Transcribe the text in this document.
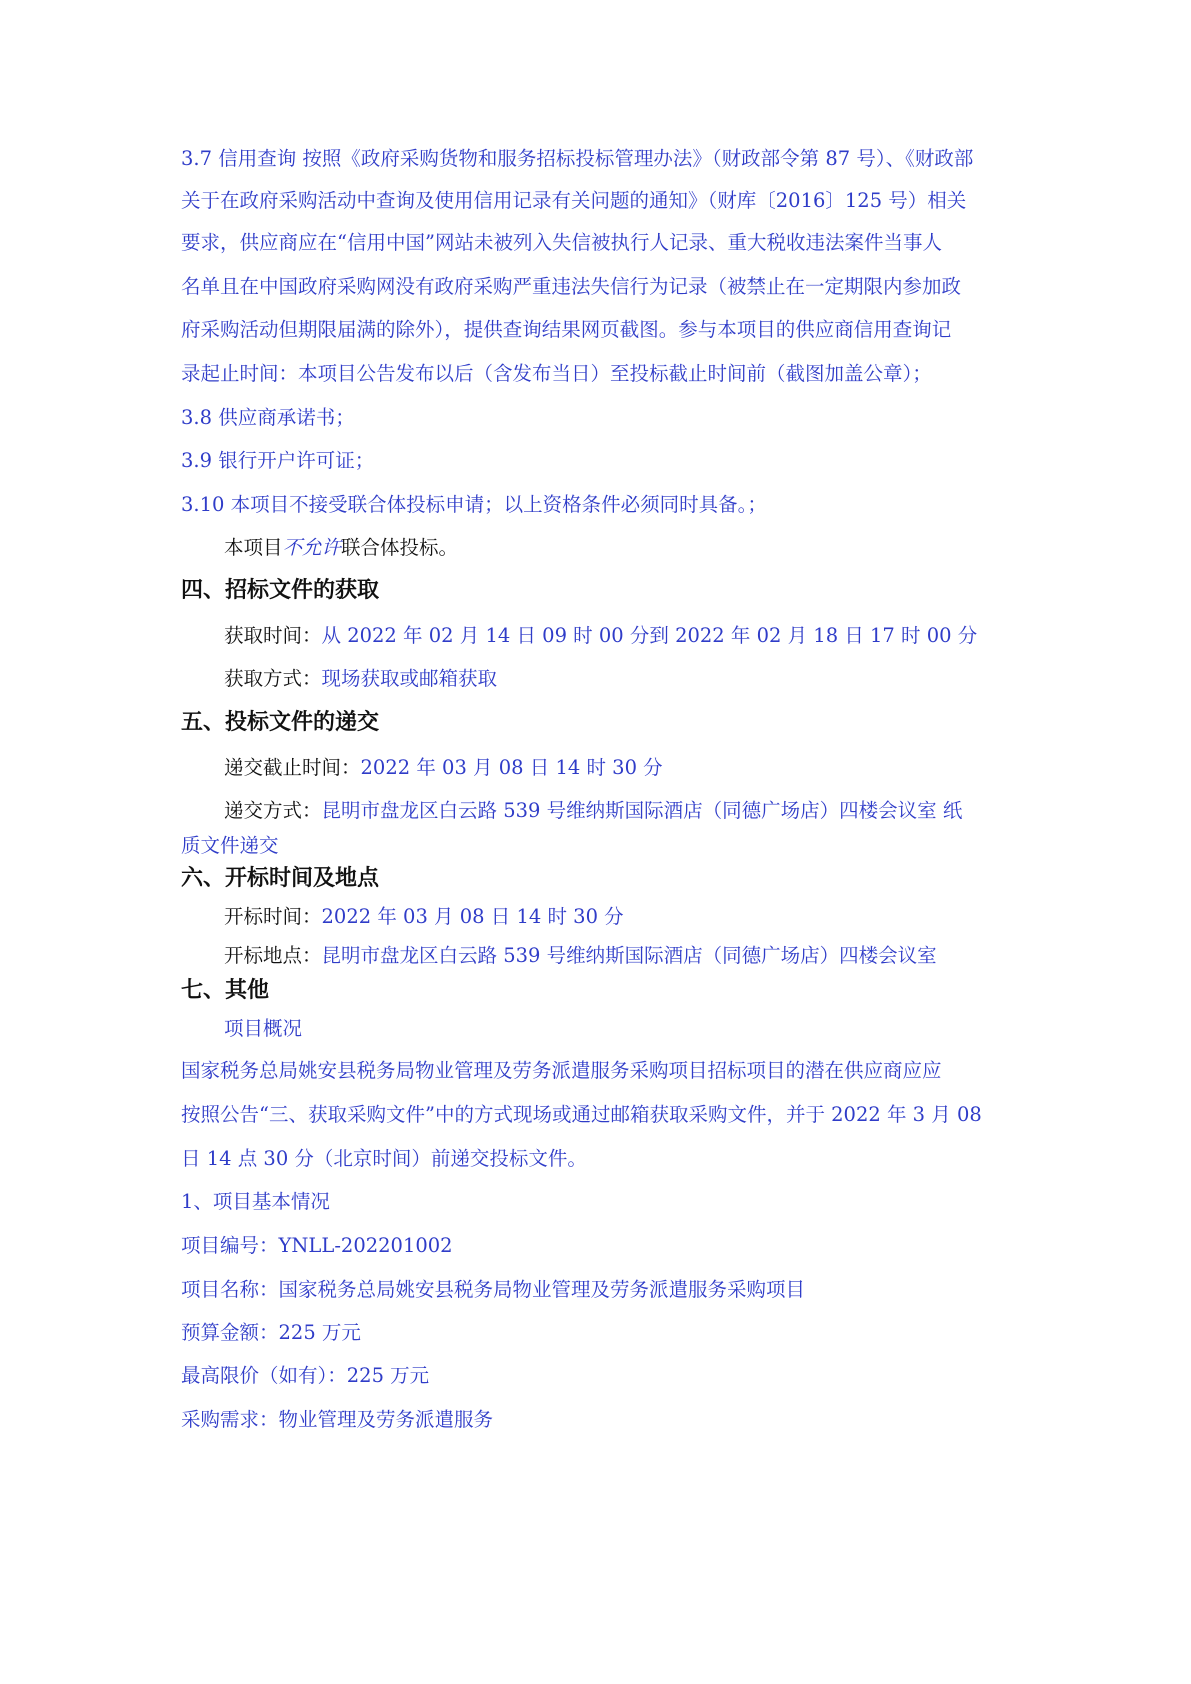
3.7 信用查询 按照《政府采购货物和服务招标投标管理办法》（财政部令第 87 号）、《财政部
关于在政府采购活动中查询及使用信用记录有关问题的通知》（财库〔2016〕125 号）相关
要求，供应商应在“信用中国”网站未被列入失信被执行人记录、重大税收违法案件当事人
名单且在中国政府采购网没有政府采购严重违法失信行为记录（被禁止在一定期限内参加政
府采购活动但期限届满的除外），提供查询结果网页截图。参与本项目的供应商信用查询记
录起止时间：本项目公告发布以后（含发布当日）至投标截止时间前（截图加盖公章）；
3.8 供应商承诺书；
3.9 银行开户许可证；
3.10 本项目不接受联合体投标申请；以上资格条件必须同时具备。；
本项目不允许联合体投标。
四、招标文件的获取
获取时间：从 2022 年 02 月 14 日 09 时 00 分到 2022 年 02 月 18 日 17 时 00 分
获取方式：现场获取或邮箱获取
五、投标文件的递交
递交截止时间：2022 年 03 月 08 日 14 时 30 分
递交方式：昆明市盘龙区白云路 539 号维纳斯国际酒店（同德广场店）四楼会议室 纸
质文件递交
六、开标时间及地点
开标时间：2022 年 03 月 08 日 14 时 30 分
开标地点：昆明市盘龙区白云路 539 号维纳斯国际酒店（同德广场店）四楼会议室
七、其他
项目概况
国家税务总局姚安县税务局物业管理及劳务派遣服务采购项目招标项目的潜在供应商应应
按照公告“三、获取采购文件”中的方式现场或通过邮箱获取采购文件，并于 2022 年 3 月 08
日 14 点 30 分（北京时间）前递交投标文件。
1、项目基本情况
项目编号：YNLL-202201002
项目名称：国家税务总局姚安县税务局物业管理及劳务派遣服务采购项目
预算金额：225 万元
最高限价（如有）：225 万元
采购需求：物业管理及劳务派遣服务
